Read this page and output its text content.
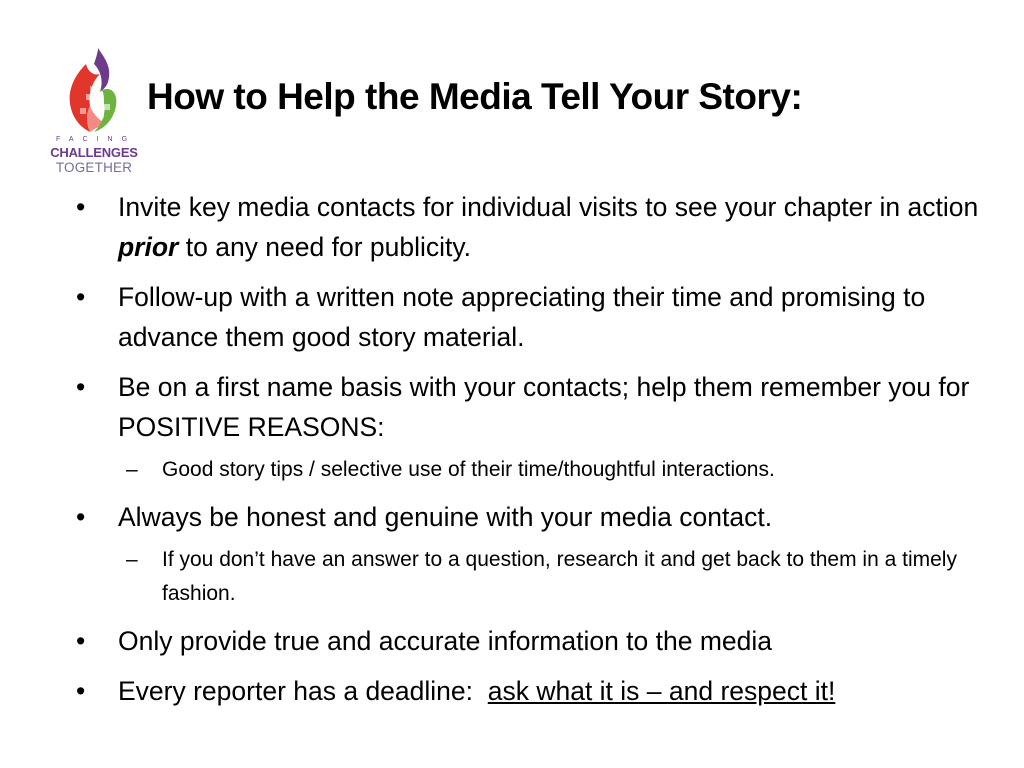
FACING
CHALLENGES
TOGETHER
How to Help the Media Tell Your Story:
• Invite key media contacts for individual visits to see your chapter in action prior to any need for publicity.
• Follow-up with a written note appreciating their time and promising to advance them good story material.
• Be on a first name basis with your contacts; help them remember you for POSITIVE REASONS:
– Good story tips / selective use of their time/thoughtful interactions.
• Always be honest and genuine with your media contact.
– If you don’t have an answer to a question, research it and get back to them in a timely fashion.
• Only provide true and accurate information to the media
• Every reporter has a deadline:  ask what it is – and respect it!
